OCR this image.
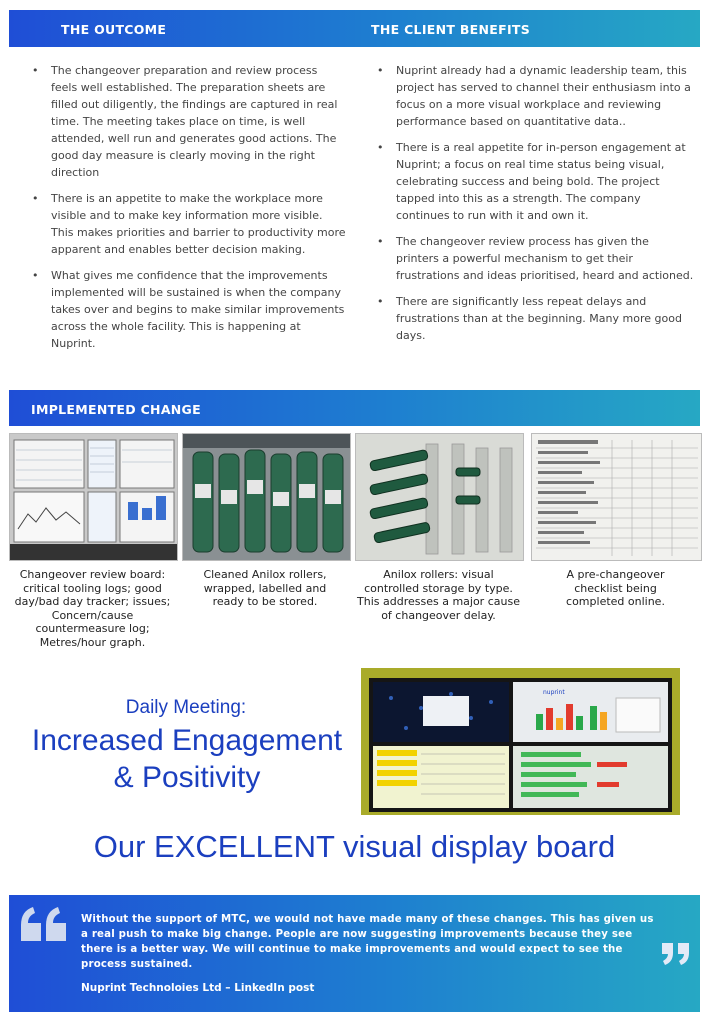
THE OUTCOME	THE CLIENT BENEFITS
• The changeover preparation and review process feels well established. The preparation sheets are filled out diligently, the findings are captured in real time. The meeting takes place on time, is well attended, well run and generates good actions. The good day measure is clearly moving in the right direction
• There is an appetite to make the workplace more visible and to make key information more visible. This makes priorities and barrier to productivity more apparent and enables better decision making.
• What gives me confidence that the improvements implemented will be sustained is when the company takes over and begins to make similar improvements across the whole facility. This is happening at Nuprint.
• Nuprint already had a dynamic leadership team, this project has served to channel their enthusiasm into a focus on a more visual workplace and reviewing performance based on quantitative data..
• There is a real appetite for in-person engagement at Nuprint; a focus on real time status being visual, celebrating success and being bold. The project tapped into this as a strength. The company continues to run with it and own it.
• The changeover review process has given the printers a powerful mechanism to get their frustrations and ideas prioritised, heard and actioned.
• There are significantly less repeat delays and frustrations than at the beginning. Many more good days.
IMPLEMENTED CHANGE
Changeover review board: critical tooling logs; good day/bad day tracker; issues; Concern/cause countermeasure log; Metres/hour graph.
Cleaned Anilox rollers, wrapped, labelled and ready to be stored.
Anilox rollers: visual controlled storage by type. This addresses a major cause of changeover delay.
A pre-changeover checklist being completed online.
Daily Meeting:
Increased Engagement
& Positivity
nuprint
Our EXCELLENT visual display board
Without the support of MTC, we would not have made many of these changes. This has given us a real push to make big change. People are now suggesting improvements because they see there is a better way. We will continue to make improvements and would expect to see the process sustained.
Nuprint Technoloies Ltd – LinkedIn post
